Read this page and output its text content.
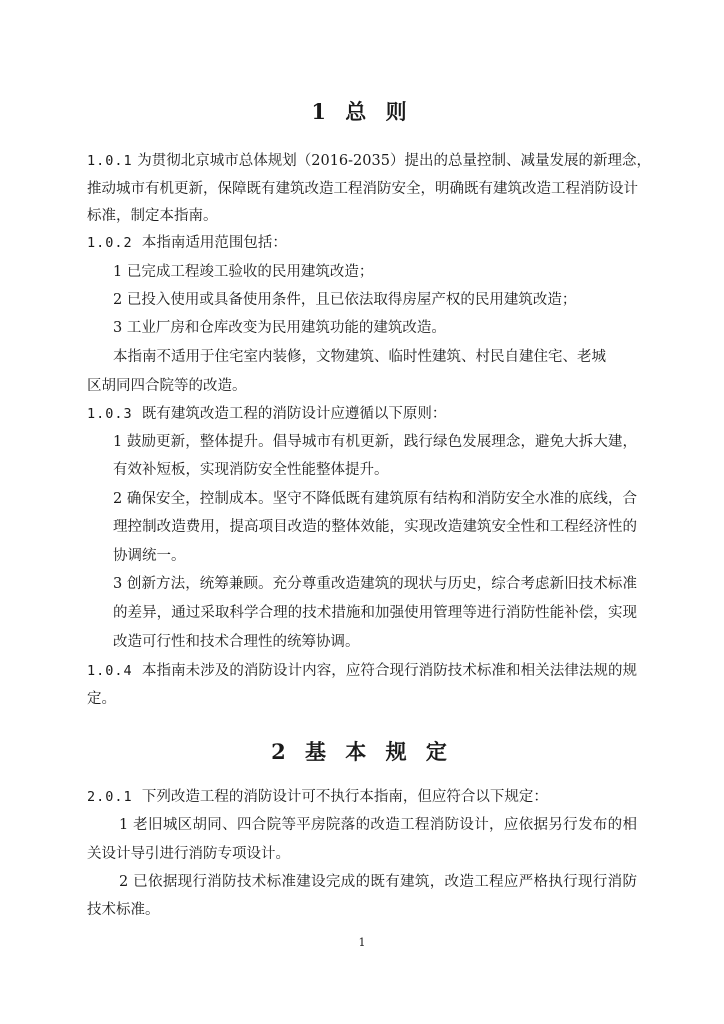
1 总 则
1.0.1 为贯彻北京城市总体规划（2016-2035）提出的总量控制、减量发展的新理念，
推动城市有机更新，保障既有建筑改造工程消防安全，明确既有建筑改造工程消防设计
标准，制定本指南。
1.0.2 本指南适用范围包括：
1 已完成工程竣工验收的民用建筑改造；
2 已投入使用或具备使用条件，且已依法取得房屋产权的民用建筑改造；
3 工业厂房和仓库改变为民用建筑功能的建筑改造。
本指南不适用于住宅室内装修，文物建筑、临时性建筑、村民自建住宅、老城
区胡同四合院等的改造。
1.0.3 既有建筑改造工程的消防设计应遵循以下原则：
1 鼓励更新，整体提升。倡导城市有机更新，践行绿色发展理念，避免大拆大建，
有效补短板，实现消防安全性能整体提升。
2 确保安全，控制成本。坚守不降低既有建筑原有结构和消防安全水准的底线，合
理控制改造费用，提高项目改造的整体效能，实现改造建筑安全性和工程经济性的
协调统一。
3 创新方法，统筹兼顾。充分尊重改造建筑的现状与历史，综合考虑新旧技术标准
的差异，通过采取科学合理的技术措施和加强使用管理等进行消防性能补偿，实现
改造可行性和技术合理性的统筹协调。
1.0.4 本指南未涉及的消防设计内容，应符合现行消防技术标准和相关法律法规的规
定。
2 基 本 规 定
2.0.1 下列改造工程的消防设计可不执行本指南，但应符合以下规定：
1 老旧城区胡同、四合院等平房院落的改造工程消防设计，应依据另行发布的相
关设计导引进行消防专项设计。
2 已依据现行消防技术标准建设完成的既有建筑，改造工程应严格执行现行消防
技术标准。
1
